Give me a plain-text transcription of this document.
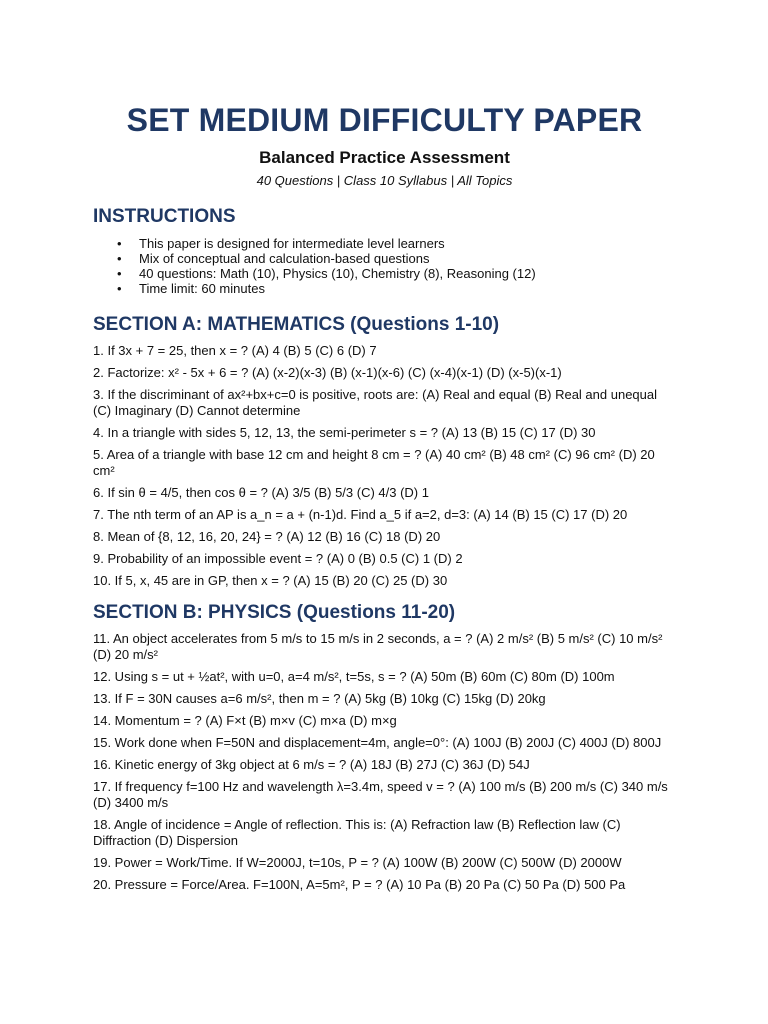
SET MEDIUM DIFFICULTY PAPER

Balanced Practice Assessment

40 Questions | Class 10 Syllabus | All Topics

INSTRUCTIONS
• This paper is designed for intermediate level learners
• Mix of conceptual and calculation-based questions
• 40 questions: Math (10), Physics (10), Chemistry (8), Reasoning (12)
• Time limit: 60 minutes
SECTION A: MATHEMATICS (Questions 1-10)

1. If 3x + 7 = 25, then x = ? (A) 4 (B) 5 (C) 6 (D) 7

2. Factorize: x² - 5x + 6 = ? (A) (x-2)(x-3) (B) (x-1)(x-6) (C) (x-4)(x-1) (D) (x-5)(x-1)

3. If the discriminant of ax²+bx+c=0 is positive, roots are: (A) Real and equal (B) Real and unequal (C) Imaginary (D) Cannot determine

4. In a triangle with sides 5, 12, 13, the semi-perimeter s = ? (A) 13 (B) 15 (C) 17 (D) 30

5. Area of a triangle with base 12 cm and height 8 cm = ? (A) 40 cm² (B) 48 cm² (C) 96 cm² (D) 20 cm²

6. If sin θ = 4/5, then cos θ = ? (A) 3/5 (B) 5/3 (C) 4/3 (D) 1

7. The nth term of an AP is a_n = a + (n-1)d. Find a_5 if a=2, d=3: (A) 14 (B) 15 (C) 17 (D) 20

8. Mean of {8, 12, 16, 20, 24} = ? (A) 12 (B) 16 (C) 18 (D) 20

9. Probability of an impossible event = ? (A) 0 (B) 0.5 (C) 1 (D) 2

10. If 5, x, 45 are in GP, then x = ? (A) 15 (B) 20 (C) 25 (D) 30

SECTION B: PHYSICS (Questions 11-20)

11. An object accelerates from 5 m/s to 15 m/s in 2 seconds, a = ? (A) 2 m/s² (B) 5 m/s² (C) 10 m/s² (D) 20 m/s²

12. Using s = ut + ½at², with u=0, a=4 m/s², t=5s, s = ? (A) 50m (B) 60m (C) 80m (D) 100m

13. If F = 30N causes a=6 m/s², then m = ? (A) 5kg (B) 10kg (C) 15kg (D) 20kg

14. Momentum = ? (A) F×t (B) m×v (C) m×a (D) m×g

15. Work done when F=50N and displacement=4m, angle=0°: (A) 100J (B) 200J (C) 400J (D) 800J

16. Kinetic energy of 3kg object at 6 m/s = ? (A) 18J (B) 27J (C) 36J (D) 54J

17. If frequency f=100 Hz and wavelength λ=3.4m, speed v = ? (A) 100 m/s (B) 200 m/s (C) 340 m/s (D) 3400 m/s

18. Angle of incidence = Angle of reflection. This is: (A) Refraction law (B) Reflection law (C) Diffraction (D) Dispersion

19. Power = Work/Time. If W=2000J, t=10s, P = ? (A) 100W (B) 200W (C) 500W (D) 2000W

20. Pressure = Force/Area. F=100N, A=5m², P = ? (A) 10 Pa (B) 20 Pa (C) 50 Pa (D) 500 Pa
